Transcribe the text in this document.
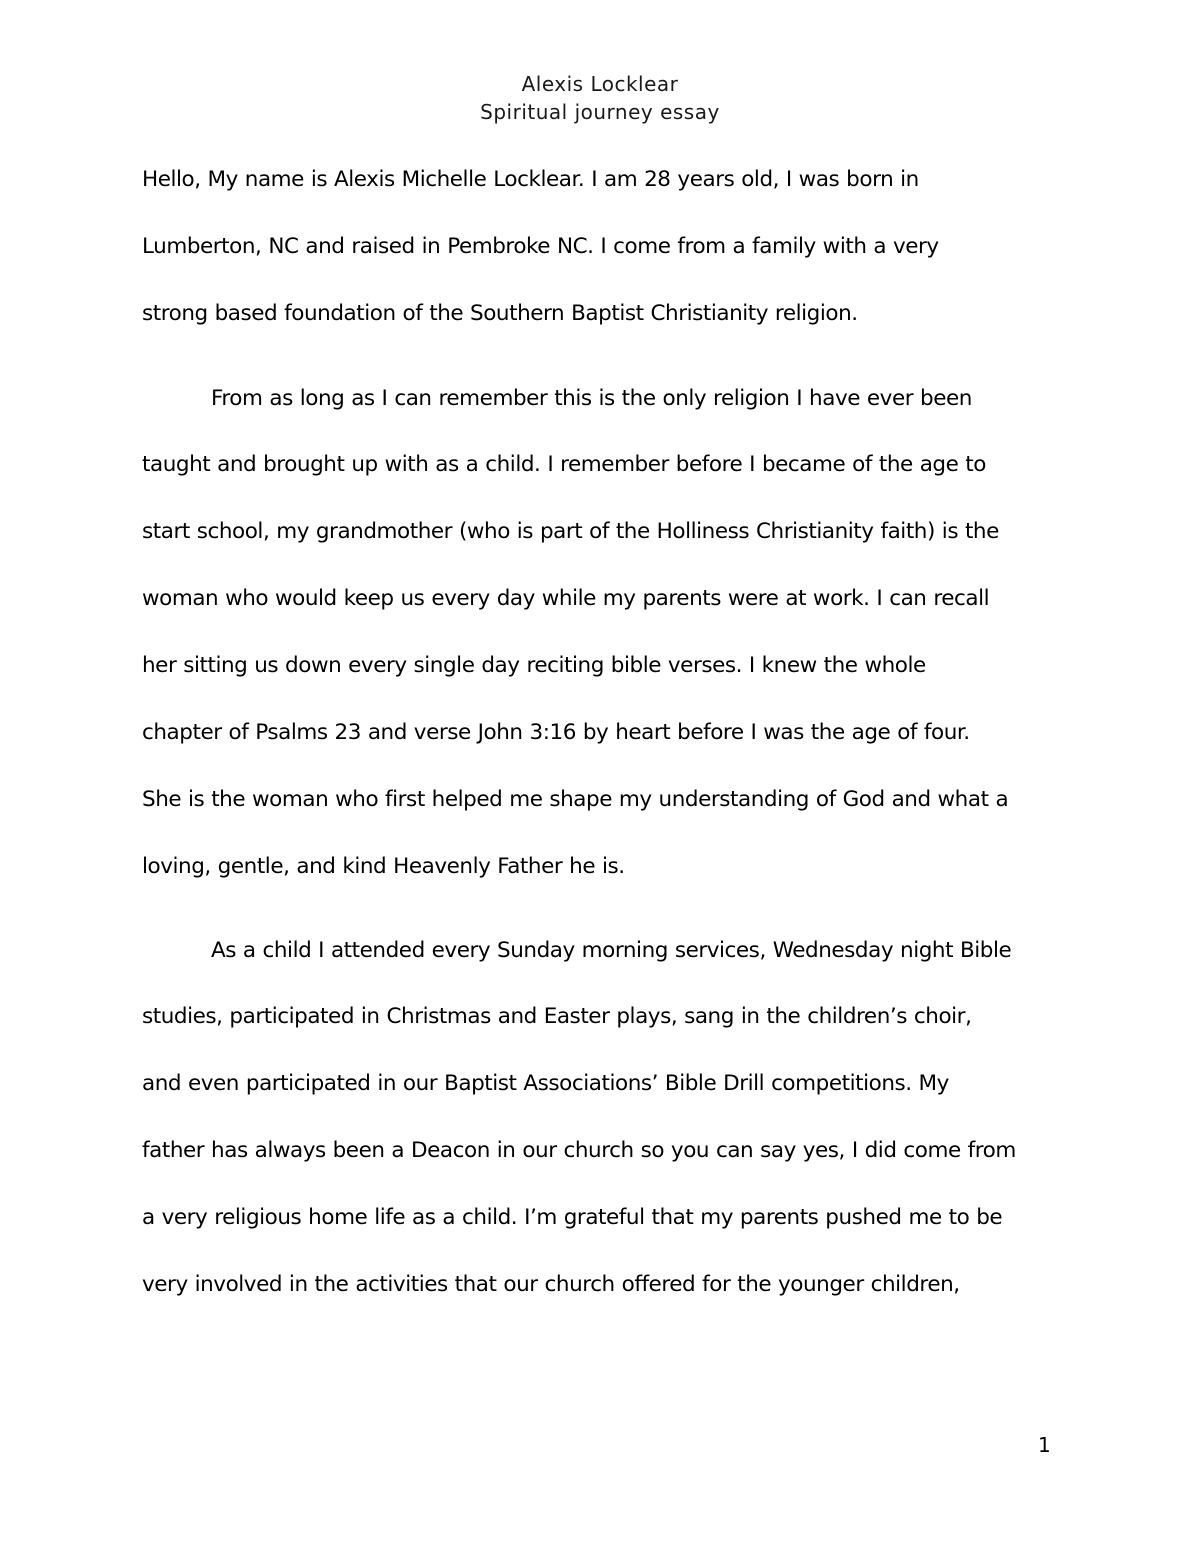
Alexis Locklear
Spiritual journey essay
Hello, My name is Alexis Michelle Locklear. I am 28 years old, I was born in
Lumberton, NC and raised in Pembroke NC. I come from a family with a very
strong based foundation of the Southern Baptist Christianity religion.
From as long as I can remember this is the only religion I have ever been
taught and brought up with as a child. I remember before I became of the age to
start school, my grandmother (who is part of the Holliness Christianity faith) is the
woman who would keep us every day while my parents were at work. I can recall
her sitting us down every single day reciting bible verses. I knew the whole
chapter of Psalms 23 and verse John 3:16 by heart before I was the age of four.
She is the woman who first helped me shape my understanding of God and what a
loving, gentle, and kind Heavenly Father he is.
As a child I attended every Sunday morning services, Wednesday night Bible
studies, participated in Christmas and Easter plays, sang in the children’s choir,
and even participated in our Baptist Associations’ Bible Drill competitions. My
father has always been a Deacon in our church so you can say yes, I did come from
a very religious home life as a child. I’m grateful that my parents pushed me to be
very involved in the activities that our church offered for the younger children,
1
